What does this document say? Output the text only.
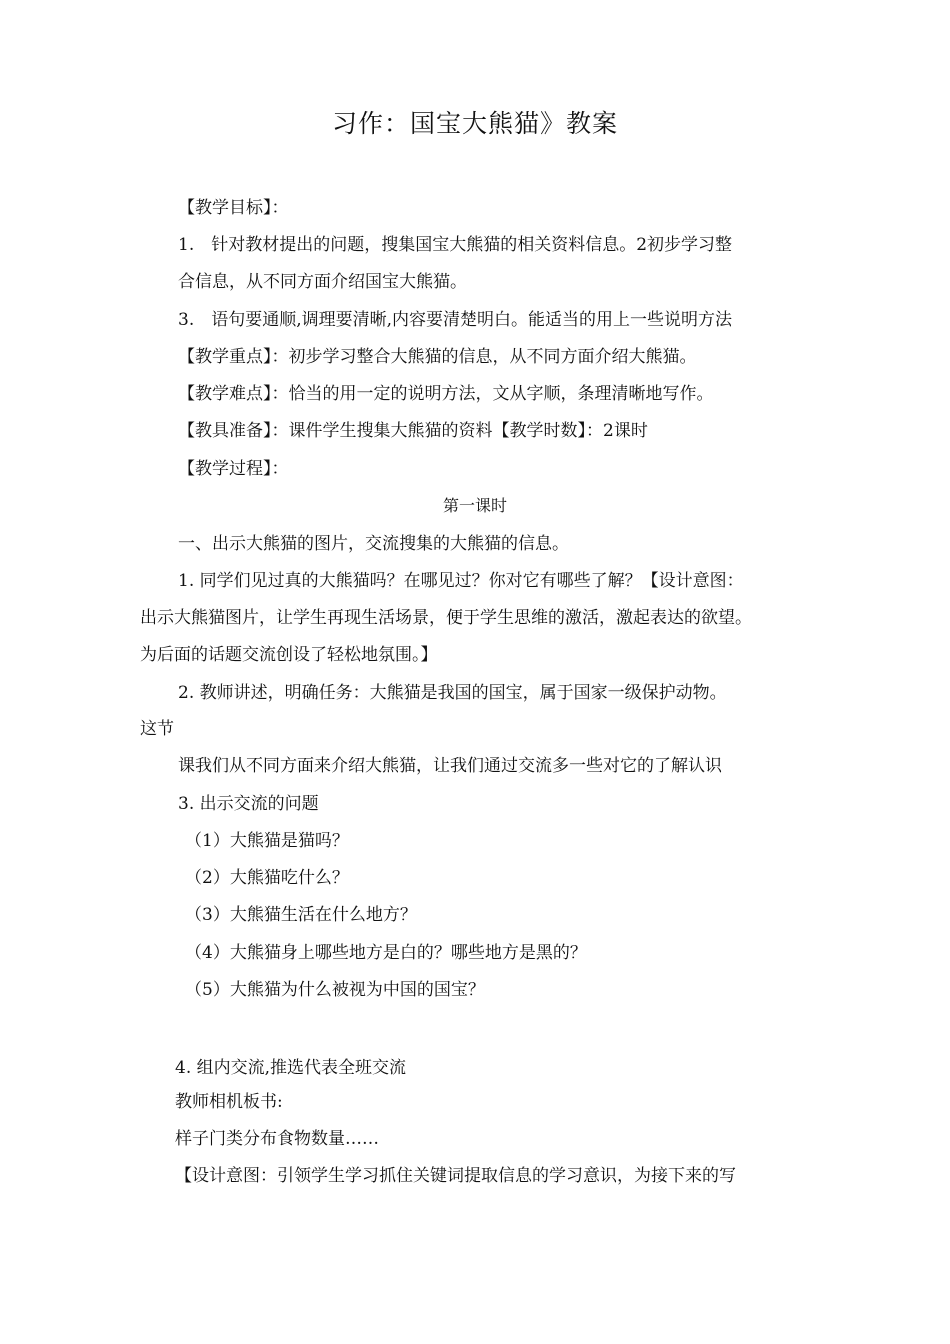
习作：国宝大熊猫》教案
【教学目标】：
1.　针对教材提出的问题，搜集国宝大熊猫的相关资料信息。2初步学习整
合信息，从不同方面介绍国宝大熊猫。
3.　语句要通顺,调理要清晰,内容要清楚明白。能适当的用上一些说明方法
【教学重点】：初步学习整合大熊猫的信息，从不同方面介绍大熊猫。
【教学难点】：恰当的用一定的说明方法，文从字顺，条理清晰地写作。
【教具准备】：课件学生搜集大熊猫的资料【教学时数】：2课时
【教学过程】：
第一课时
一、出示大熊猫的图片，交流搜集的大熊猫的信息。
1. 同学们见过真的大熊猫吗？在哪见过？你对它有哪些了解？【设计意图：
出示大熊猫图片，让学生再现生活场景，便于学生思维的激活，激起表达的欲望。
为后面的话题交流创设了轻松地氛围。】
2. 教师讲述，明确任务：大熊猫是我国的国宝，属于国家一级保护动物。
这节
课我们从不同方面来介绍大熊猫，让我们通过交流多一些对它的了解认识
3. 出示交流的问题
（1）大熊猫是猫吗？
（2）大熊猫吃什么？
（3）大熊猫生活在什么地方？
（4）大熊猫身上哪些地方是白的？哪些地方是黑的？
（5）大熊猫为什么被视为中国的国宝？
4. 组内交流,推选代表全班交流
教师相机板书:
样子门类分布食物数量……
【设计意图：引领学生学习抓住关键词提取信息的学习意识，为接下来的写
